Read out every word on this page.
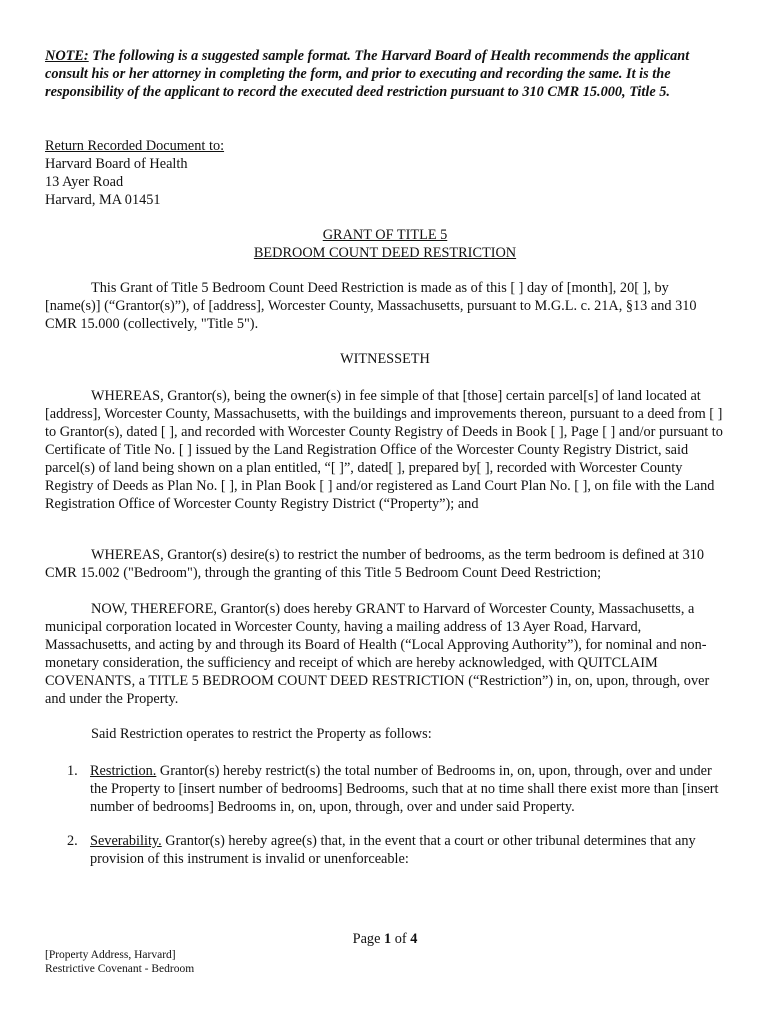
NOTE: The following is a suggested sample format. The Harvard Board of Health recommends the applicant consult his or her attorney in completing the form, and prior to executing and recording the same. It is the responsibility of the applicant to record the executed deed restriction pursuant to 310 CMR 15.000, Title 5.
Return Recorded Document to:
Harvard Board of Health
13 Ayer Road
Harvard, MA 01451
GRANT OF TITLE 5
BEDROOM COUNT DEED RESTRICTION
This Grant of Title 5 Bedroom Count Deed Restriction is made as of this [ ] day of [month], 20[ ], by [name(s)] (“Grantor(s)”), of [address], Worcester County, Massachusetts, pursuant to M.G.L. c. 21A, §13 and 310 CMR 15.000 (collectively, "Title 5").
WITNESSETH
WHEREAS, Grantor(s), being the owner(s) in fee simple of that [those] certain parcel[s] of land located at [address], Worcester County, Massachusetts, with the buildings and improvements thereon, pursuant to a deed from [ ] to Grantor(s), dated [ ], and recorded with Worcester County Registry of Deeds in Book [ ], Page [ ] and/or pursuant to Certificate of Title No. [ ] issued by the Land Registration Office of the Worcester County Registry District, said parcel(s) of land being shown on a plan entitled, “[ ]”, dated[ ], prepared by[ ], recorded with Worcester County Registry of Deeds as Plan No. [ ], in Plan Book [ ] and/or registered as Land Court Plan No. [ ], on file with the Land Registration Office of Worcester County Registry District (“Property”); and
WHEREAS, Grantor(s) desire(s) to restrict the number of bedrooms, as the term bedroom is defined at 310 CMR 15.002 ("Bedroom"), through the granting of this Title 5 Bedroom Count Deed Restriction;
NOW, THEREFORE, Grantor(s) does hereby GRANT to Harvard of Worcester County, Massachusetts, a municipal corporation located in Worcester County, having a mailing address of 13 Ayer Road, Harvard, Massachusetts, and acting by and through its Board of Health (“Local Approving Authority”), for nominal and non-monetary consideration, the sufficiency and receipt of which are hereby acknowledged, with QUITCLAIM COVENANTS, a TITLE 5 BEDROOM COUNT DEED RESTRICTION (“Restriction”) in, on, upon, through, over and under the Property.
Said Restriction operates to restrict the Property as follows:
1. Restriction. Grantor(s) hereby restrict(s) the total number of Bedrooms in, on, upon, through, over and under the Property to [insert number of bedrooms] Bedrooms, such that at no time shall there exist more than [insert number of bedrooms] Bedrooms in, on, upon, through, over and under said Property.
2. Severability. Grantor(s) hereby agree(s) that, in the event that a court or other tribunal determines that any provision of this instrument is invalid or unenforceable:
Page 1 of 4
[Property Address, Harvard]
Restrictive Covenant - Bedroom
